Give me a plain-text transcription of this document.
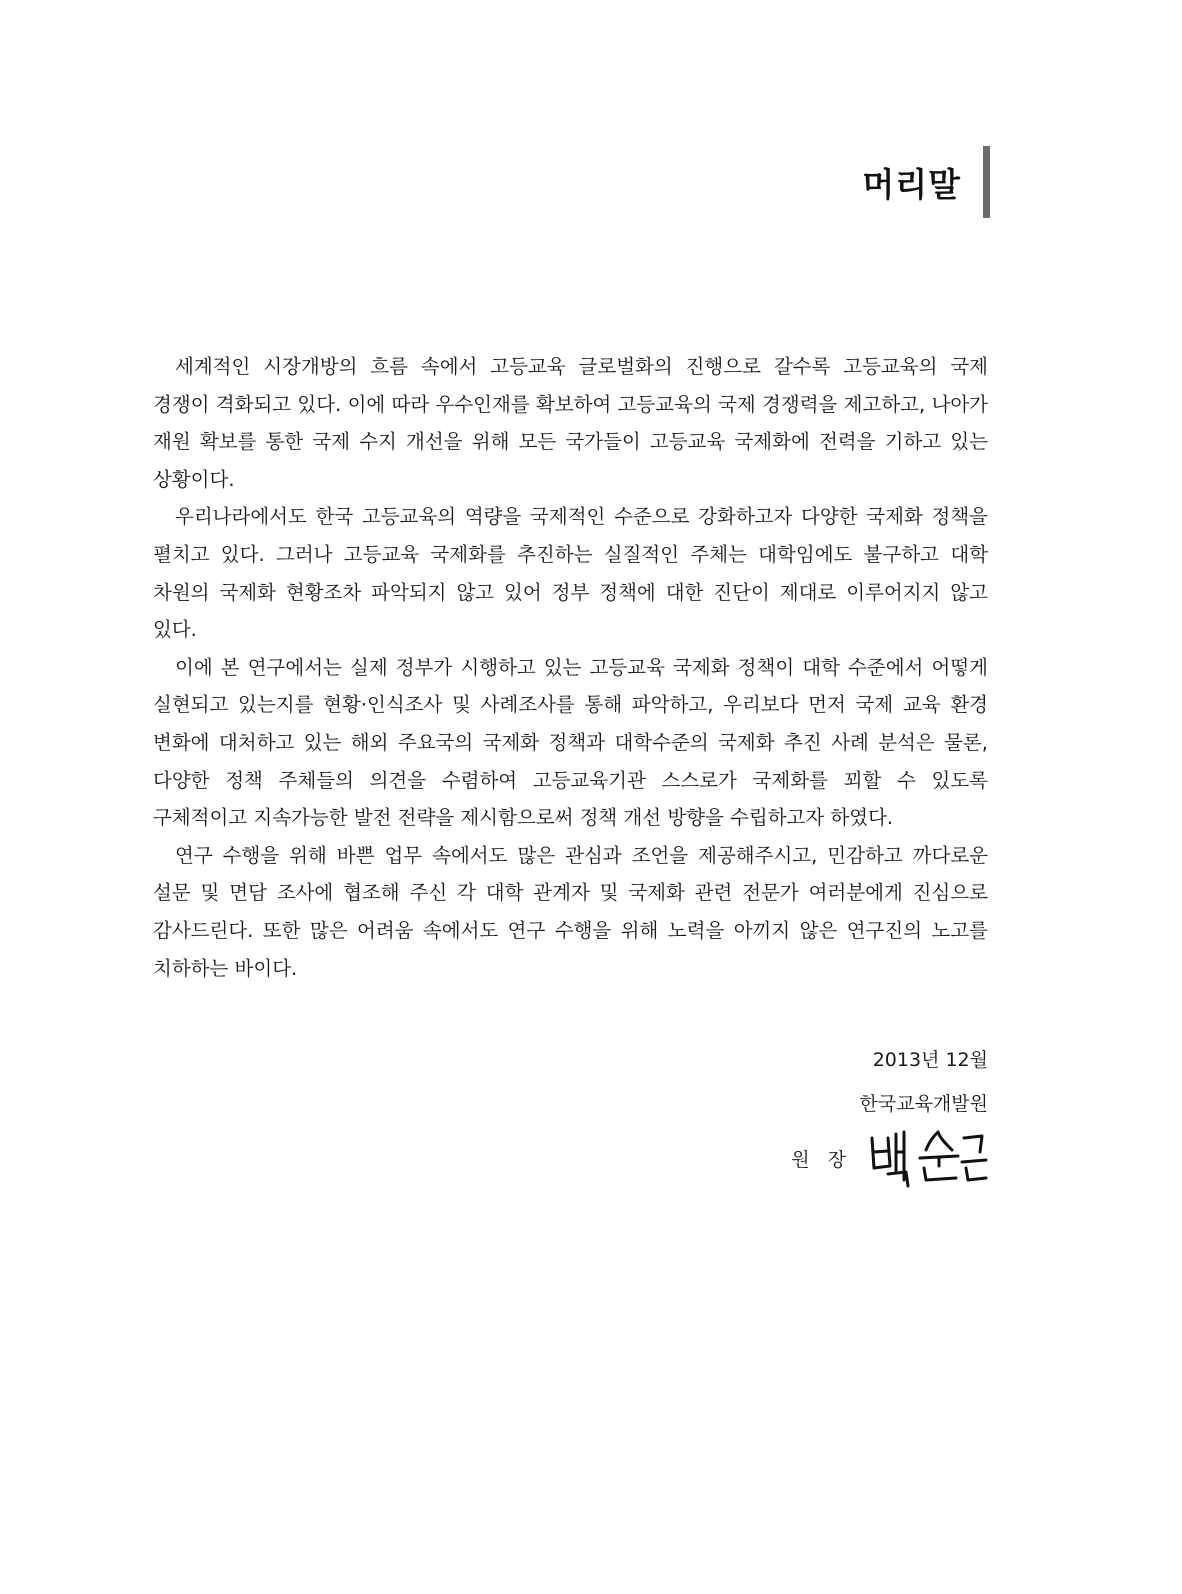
머리말

세계적인 시장개방의 흐름 속에서 고등교육 글로벌화의 진행으로 갈수록 고등교육의 국제 경쟁이 격화되고 있다. 이에 따라 우수인재를 확보하여 고등교육의 국제 경쟁력을 제고하고, 나아가 재원 확보를 통한 국제 수지 개선을 위해 모든 국가들이 고등교육 국제화에 전력을 기하고 있는 상황이다.

우리나라에서도 한국 고등교육의 역량을 국제적인 수준으로 강화하고자 다양한 국제화 정책을 펼치고 있다. 그러나 고등교육 국제화를 추진하는 실질적인 주체는 대학임에도 불구하고 대학 차원의 국제화 현황조차 파악되지 않고 있어 정부 정책에 대한 진단이 제대로 이루어지지 않고 있다.

이에 본 연구에서는 실제 정부가 시행하고 있는 고등교육 국제화 정책이 대학 수준에서 어떻게 실현되고 있는지를 현황·인식조사 및 사례조사를 통해 파악하고, 우리보다 먼저 국제 교육 환경 변화에 대처하고 있는 해외 주요국의 국제화 정책과 대학수준의 국제화 추진 사례 분석은 물론, 다양한 정책 주체들의 의견을 수렴하여 고등교육기관 스스로가 국제화를 꾀할 수 있도록 구체적이고 지속가능한 발전 전략을 제시함으로써 정책 개선 방향을 수립하고자 하였다.

연구 수행을 위해 바쁜 업무 속에서도 많은 관심과 조언을 제공해주시고, 민감하고 까다로운 설문 및 면담 조사에 협조해 주신 각 대학 관계자 및 국제화 관련 전문가 여러분에게 진심으로 감사드린다. 또한 많은 어려움 속에서도 연구 수행을 위해 노력을 아끼지 않은 연구진의 노고를 치하하는 바이다.

2013년 12월
한국교육개발원
원 장
